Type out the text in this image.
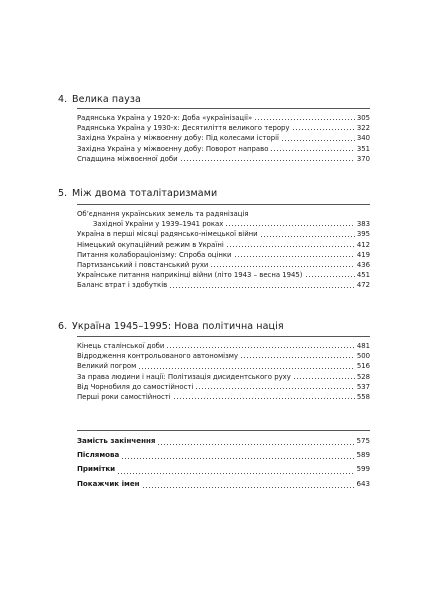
4. Велика пауза
Радянська Україна у 1920-х: Доба «українізації»	305
Радянська Україна у 1930-х: Десятиліття великого терору	322
Західна Україна у міжвоєнну добу: Під колесами історії	340
Західна Україна у міжвоєнну добу: Поворот направо	351
Спадщина міжвоєнної доби	370
5. Між двома тоталітаризмами
Об’єднання українських земель та радянізація
Західної України у 1939–1941 роках	383
Україна в перші місяці радянсько-німецької війни	395
Німецький окупаційний режим в Україні	412
Питання колабораціонізму: Спроба оцінки	419
Партизанський і повстанський рухи	436
Українське питання наприкінці війни (літо 1943 – весна 1945)	451
Баланс втрат і здобутків	472
6. Україна 1945–1995: Нова політична нація
Кінець сталінської доби	481
Відродження контрольованого автономізму	500
Великий погром	516
За права людини і нації: Політизація дисидентського руху	528
Від Чорнобиля до самостійності	537
Перші роки самостійності	558
Замість закінчення	575
Післямова	589
Примітки	599
Покажчик імен	643
